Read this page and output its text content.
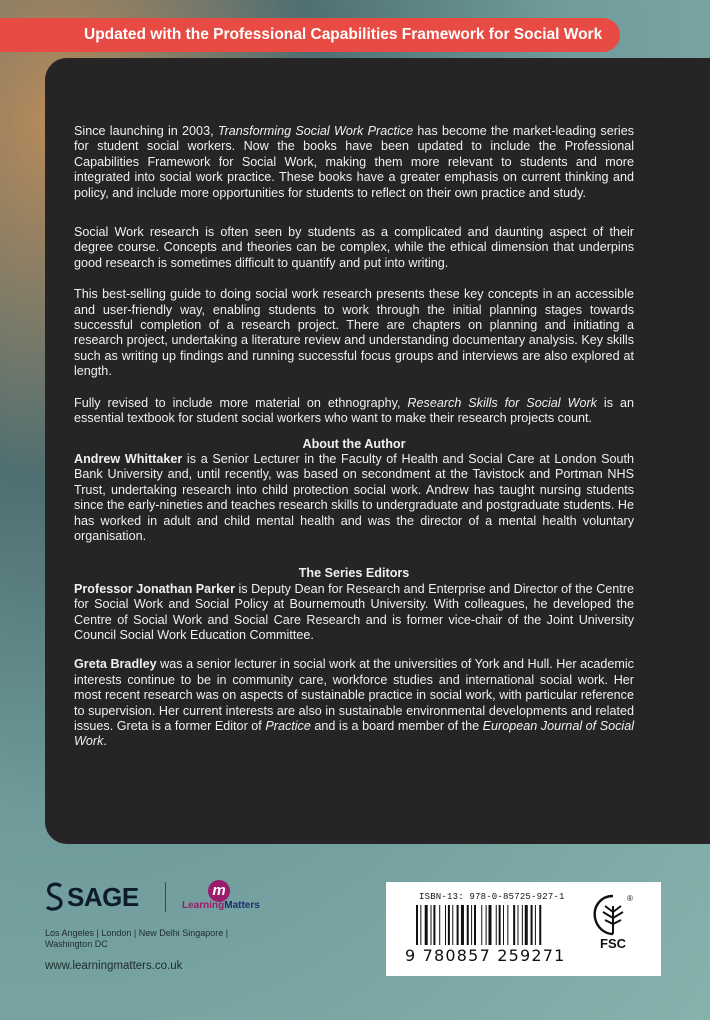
Updated with the Professional Capabilities Framework for Social Work

Since launching in 2003, Transforming Social Work Practice has become the market-leading series for student social workers. Now the books have been updated to include the Professional Capabilities Framework for Social Work, making them more relevant to students and more integrated into social work practice. These books have a greater emphasis on current thinking and policy, and include more opportunities for students to reflect on their own practice and study.

Social Work research is often seen by students as a complicated and daunting aspect of their degree course. Concepts and theories can be complex, while the ethical dimension that underpins good research is sometimes difficult to quantify and put into writing.

This best-selling guide to doing social work research presents these key concepts in an accessible and user-friendly way, enabling students to work through the initial planning stages towards successful completion of a research project. There are chapters on planning and initiating a research project, undertaking a literature review and understanding documentary analysis. Key skills such as writing up findings and running successful focus groups and interviews are also explored at length.

Fully revised to include more material on ethnography, Research Skills for Social Work is an essential textbook for student social workers who want to make their research projects count.

About the Author

Andrew Whittaker is a Senior Lecturer in the Faculty of Health and Social Care at London South Bank University and, until recently, was based on secondment at the Tavistock and Portman NHS Trust, undertaking research into child protection social work. Andrew has taught nursing students since the early-nineties and teaches research skills to undergraduate and postgraduate students. He has worked in adult and child mental health and was the director of a mental health voluntary organisation.

The Series Editors

Professor Jonathan Parker is Deputy Dean for Research and Enterprise and Director of the Centre for Social Work and Social Policy at Bournemouth University. With colleagues, he developed the Centre of Social Work and Social Care Research and is former vice-chair of the Joint University Council Social Work Education Committee.

Greta Bradley was a senior lecturer in social work at the universities of York and Hull. Her academic interests continue to be in community care, workforce studies and international social work. Her most recent research was on aspects of sustainable practice in social work, with particular reference to supervision. Her current interests are also in sustainable environmental developments and related issues. Greta is a former Editor of Practice and is a board member of the European Journal of Social Work.

SAGE	m
LearningMatters
Los Angeles | London | New Delhi Singapore | Washington DC
www.learningmatters.co.uk
ISBN-13: 978-0-85725-927-1
9 780857 259271
®
FSC
